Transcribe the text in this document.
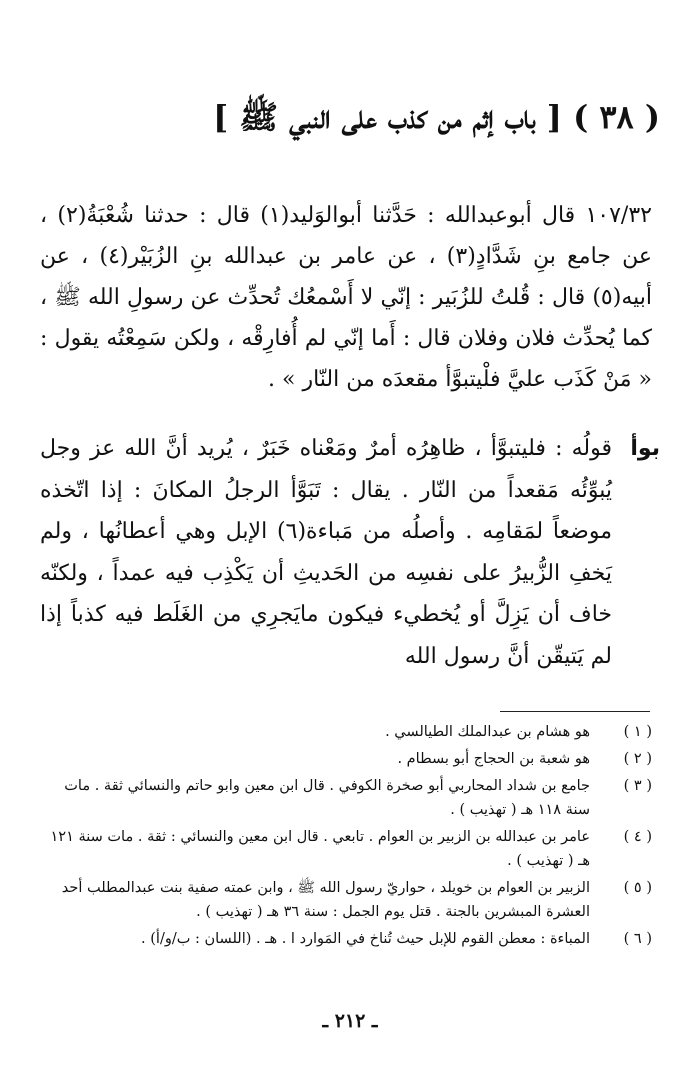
( ٣٨ ) [ باب إثم من كذب على النبي ﷺ ]

١٠٧/٣٢ قال أبوعبدالله : حَدَّثنا أبوالوَليد(١) قال : حدثنا شُعْبَةُ(٢) ، عن جامع بنِ شَدَّادٍ(٣) ، عن عامر بن عبدالله بنِ الزُبَيْر(٤) ، عن أبيه(٥) قال : قُلتُ للزُبَير : إنّي لا أَسْمعُك تُحدِّث عن رسولِ الله ﷺ ، كما يُحدِّث فلان وفلان قال : أَما إنّي لم أُفارِقْه ، ولكن سَمِعْتُه يقول : « مَنْ كَذَب عليَّ فلْيتبوَّأ مقعدَه من النّار » .

بوأ

قولُه : فليتبوَّأ ، ظاهِرُه أمرٌ ومَعْناه خَبَرٌ ، يُريد أنَّ الله عز وجل يُبوِّئُه مَقعداً من النّار . يقال : تَبَوَّأ الرجلُ المكانَ : إذا اتّخذه موضعاً لمَقامِه . وأصلُه من مَباءة(٦) الإبل وهي أعطانُها ، ولم يَخفِ الزُّبيرُ على نفسِه من الحَديثِ أن يَكْذِب فيه عمداً ، ولكنّه خاف أن يَزِلَّ أو يُخطيء فيكون مايَجرِي من الغَلَط فيه كذباً إذا لم يَتيقّن أنَّ رسول الله

( ١ )
هو هشام بن عبدالملك الطيالسي .
( ٢ )
هو شعبة بن الحجاج أبو بسطام .
( ٣ )
جامع بن شداد المحاربي أبو صخرة الكوفي . قال ابن معين وابو حاتم والنسائي ثقة . مات سنة ١١٨ هـ ( تهذيب ) .
( ٤ )
عامر بن عبدالله بن الزبير بن العوام . تابعي . قال ابن معين والنسائي : ثقة . مات سنة ١٢١ هـ ( تهذيب ) .
( ٥ )
الزبير بن العوام بن خويلد ، حواريّ رسول الله ﷺ ، وابن عمته صفية بنت عبدالمطلب أحد العشرة المبشرين بالجنة . قتل يوم الجمل : سنة ٣٦ هـ ( تهذيب ) .
( ٦ )
المباءة : معطن القوم للإبل حيث تُناخ في المَوارد ا . هـ . (اللسان : ب/و/أ) .
ـ ٢١٢ ـ
